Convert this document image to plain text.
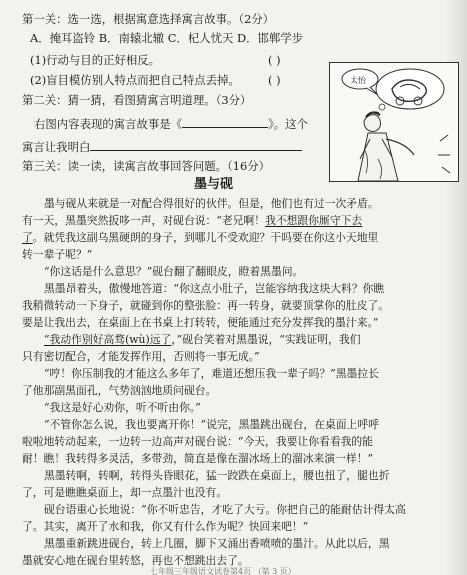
第一关：选一选，根据寓意选择寓言故事。（2分）
A．掩耳盗铃 B．南辕北辙 C．杞人忧天 D．邯郸学步
(1)行动与目的正好相反。	( )
(2)盲目模仿别人特点而把自己特点丢掉。 ( )
第二关：猜一猜，看图猜寓言明道理。（3分）
右图内容表现的寓言故事是《	》。这个
寓言让我明白
太怡
第三关：读一读，读寓言故事回答问题。（16分）
墨与砚
墨与砚从来就是一对配合得很好的伙伴。但是，他们也有过一次矛盾。
有一天，黑墨突然扳哆一声，对砚台说：“老兄啊！我不想跟你厮守下去
了。就凭我这副乌黑硬朗的身子，到哪儿不受欢迎？干吗要在你这小天地里
转一辈子呢？”
“你这话是什么意思？”砚台翻了翻眼皮，瞪着黑墨问。
黑墨昂着头，傲慢地答道：“你这点小肚子，岂能容纳我这块大料？你瞧
我稍微转动一下身子，就碰到你的整张脸：再一转身，就要顶掌你的肚皮了。
要是让我出去，在桌面上在书桌上打转转，便能通过充分发挥我的墨汁来。”
“我动作别好高骛(wù)远了，”砚台笑着对黑墨说，“实践证明，我们
只有密切配合，才能发挥作用，否则将一事无成。”
“哼！你压制我的才能这么多年了，难道还想压我一辈子吗？”黑墨拉长
了他那副黑面孔，气势汹汹地质问砚台。
“我这是好心劝你，听不听由你。”
“不管你怎么说，我也要离开你！”说完，黑墨跳出砚台，在桌面上呼呼
啦啦地转动起来，一边转一边高声对砚台说：“今天，我要让你看看我的能
耐！瞧！我转得多灵活，多带劲，简直是像在溜冰场上的溜冰来演一样！”
黑墨转啊，转啊，转得头昏眼花，猛一跤跌在桌面上，腰也扭了，腿也折
了，可是瞧瞧桌面上，却一点墨汁也没有。
砚台语重心长地说：“你不听忠告，才吃了大亏。你把自己的能耐估计得太高
了。其实，离开了水和我，你又有什么作为呢？快回来吧！”
黑墨重新跳进砚台，转上几圈，脚下又涌出香喷喷的墨汁。从此以后，黑
墨就安心地在砚台里转悠，再也不想跳出去了。
七年级三年级语文试卷第4页 （第 3 页）
